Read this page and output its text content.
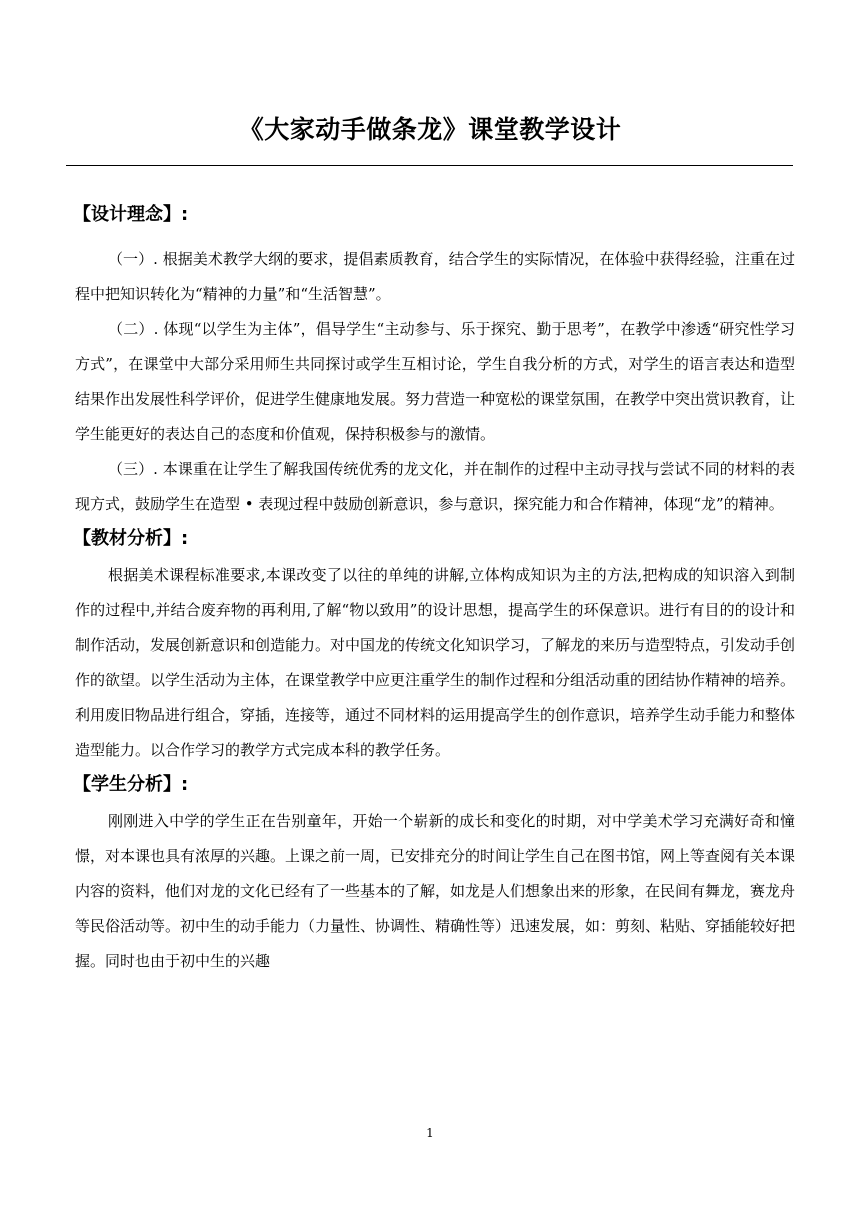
《大家动手做条龙》课堂教学设计
【设计理念】:

（一）. 根据美术教学大纲的要求，提倡素质教育，结合学生的实际情况，在体验中获得经验，注重在过程中把知识转化为“精神的力量”和“生活智慧”。

（二）. 体现“以学生为主体”，倡导学生“主动参与、乐于探究、勤于思考”，在教学中渗透“研究性学习方式”，在课堂中大部分采用师生共同探讨或学生互相讨论，学生自我分析的方式，对学生的语言表达和造型结果作出发展性科学评价，促进学生健康地发展。努力营造一种宽松的课堂氛围，在教学中突出赏识教育，让学生能更好的表达自己的态度和价值观，保持积极参与的激情。

（三）. 本课重在让学生了解我国传统优秀的龙文化，并在制作的过程中主动寻找与尝试不同的材料的表现方式，鼓励学生在造型 • 表现过程中鼓励创新意识，参与意识，探究能力和合作精神，体现“龙”的精神。

【教材分析】:

根据美术课程标准要求,本课改变了以往的单纯的讲解,立体构成知识为主的方法,把构成的知识溶入到制作的过程中,并结合废弃物的再利用,了解“物以致用”的设计思想，提高学生的环保意识。进行有目的的设计和制作活动，发展创新意识和创造能力。对中国龙的传统文化知识学习，了解龙的来历与造型特点，引发动手创作的欲望。以学生活动为主体，在课堂教学中应更注重学生的制作过程和分组活动重的团结协作精神的培养。利用废旧物品进行组合，穿插，连接等，通过不同材料的运用提高学生的创作意识，培养学生动手能力和整体造型能力。以合作学习的教学方式完成本科的教学任务。

【学生分析】:

刚刚进入中学的学生正在告别童年，开始一个崭新的成长和变化的时期，对中学美术学习充满好奇和憧憬，对本课也具有浓厚的兴趣。上课之前一周，已安排充分的时间让学生自己在图书馆，网上等查阅有关本课内容的资料，他们对龙的文化已经有了一些基本的了解，如龙是人们想象出来的形象，在民间有舞龙，赛龙舟等民俗活动等。初中生的动手能力（力量性、协调性、精确性等）迅速发展，如：剪刻、粘贴、穿插能较好把握。同时也由于初中生的兴趣

1
